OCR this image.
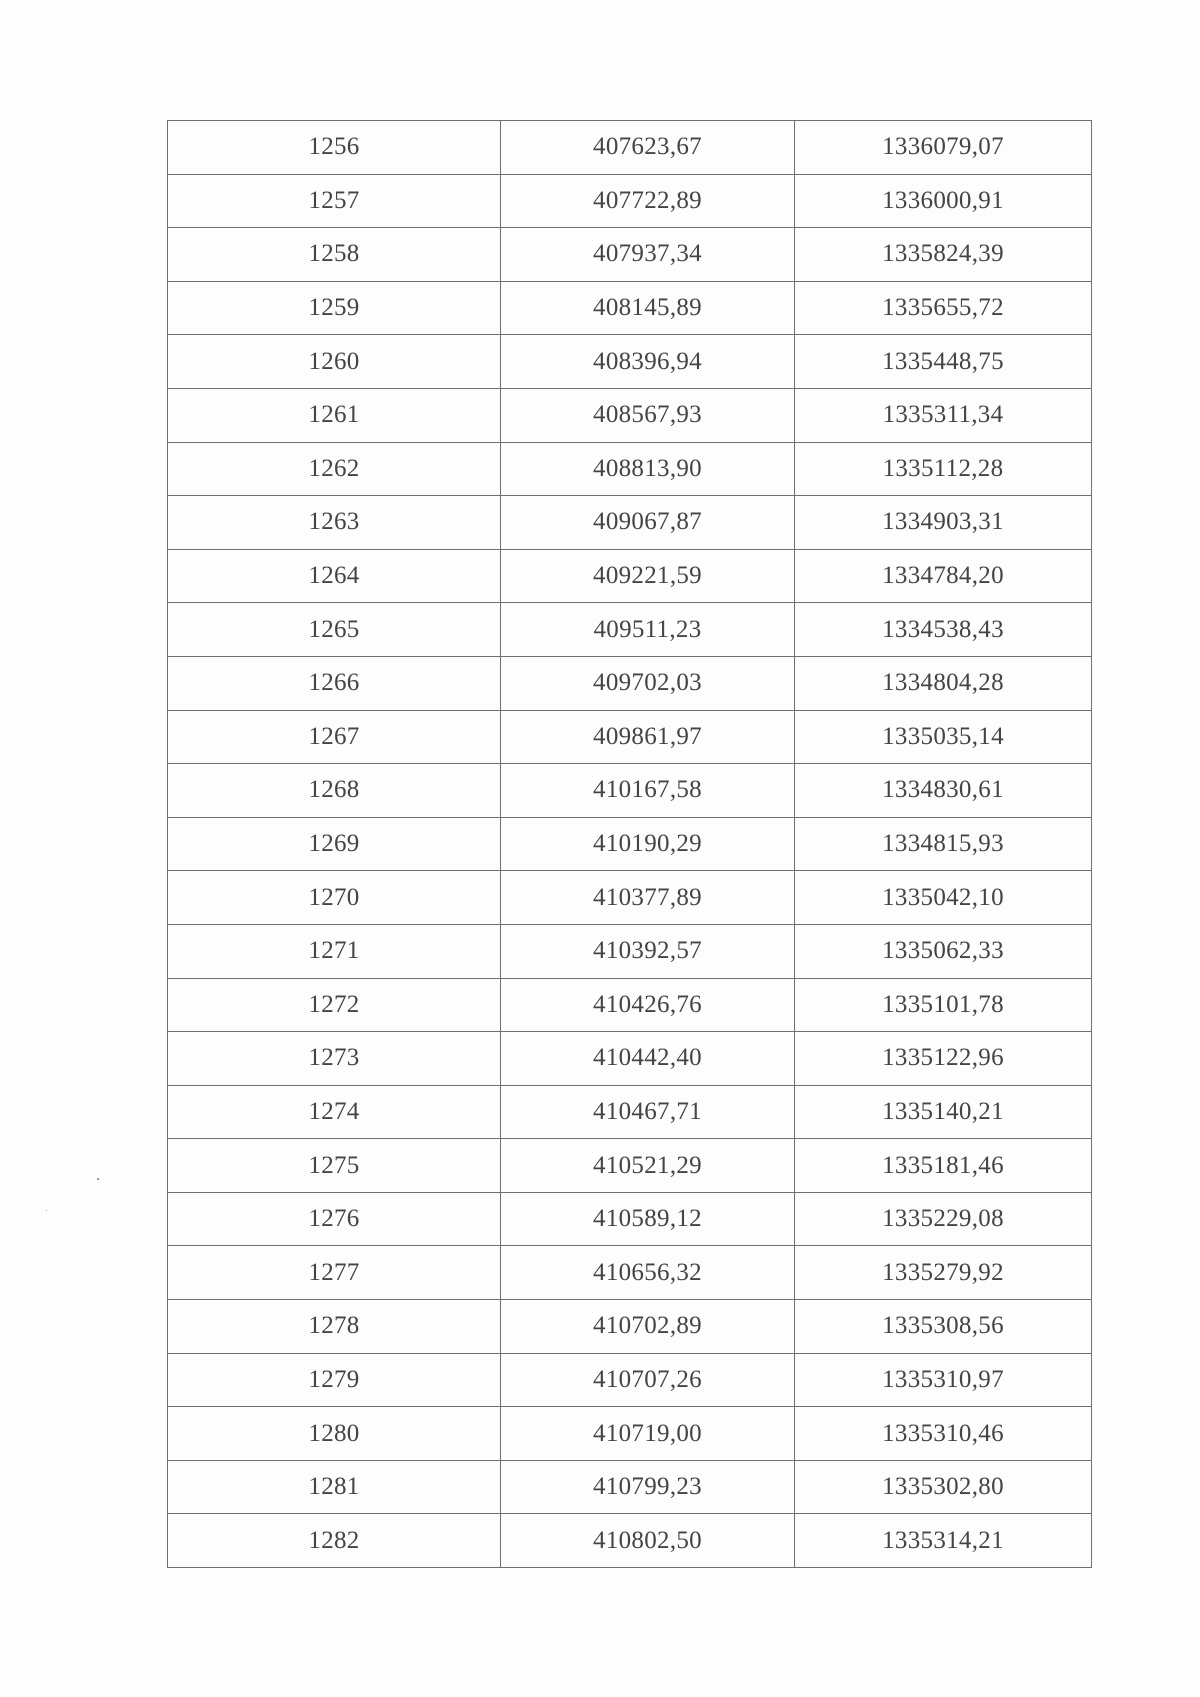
1256	407623,67	1336079,07
1257	407722,89	1336000,91
1258	407937,34	1335824,39
1259	408145,89	1335655,72
1260	408396,94	1335448,75
1261	408567,93	1335311,34
1262	408813,90	1335112,28
1263	409067,87	1334903,31
1264	409221,59	1334784,20
1265	409511,23	1334538,43
1266	409702,03	1334804,28
1267	409861,97	1335035,14
1268	410167,58	1334830,61
1269	410190,29	1334815,93
1270	410377,89	1335042,10
1271	410392,57	1335062,33
1272	410426,76	1335101,78
1273	410442,40	1335122,96
1274	410467,71	1335140,21
1275	410521,29	1335181,46
1276	410589,12	1335229,08
1277	410656,32	1335279,92
1278	410702,89	1335308,56
1279	410707,26	1335310,97
1280	410719,00	1335310,46
1281	410799,23	1335302,80
1282	410802,50	1335314,21
